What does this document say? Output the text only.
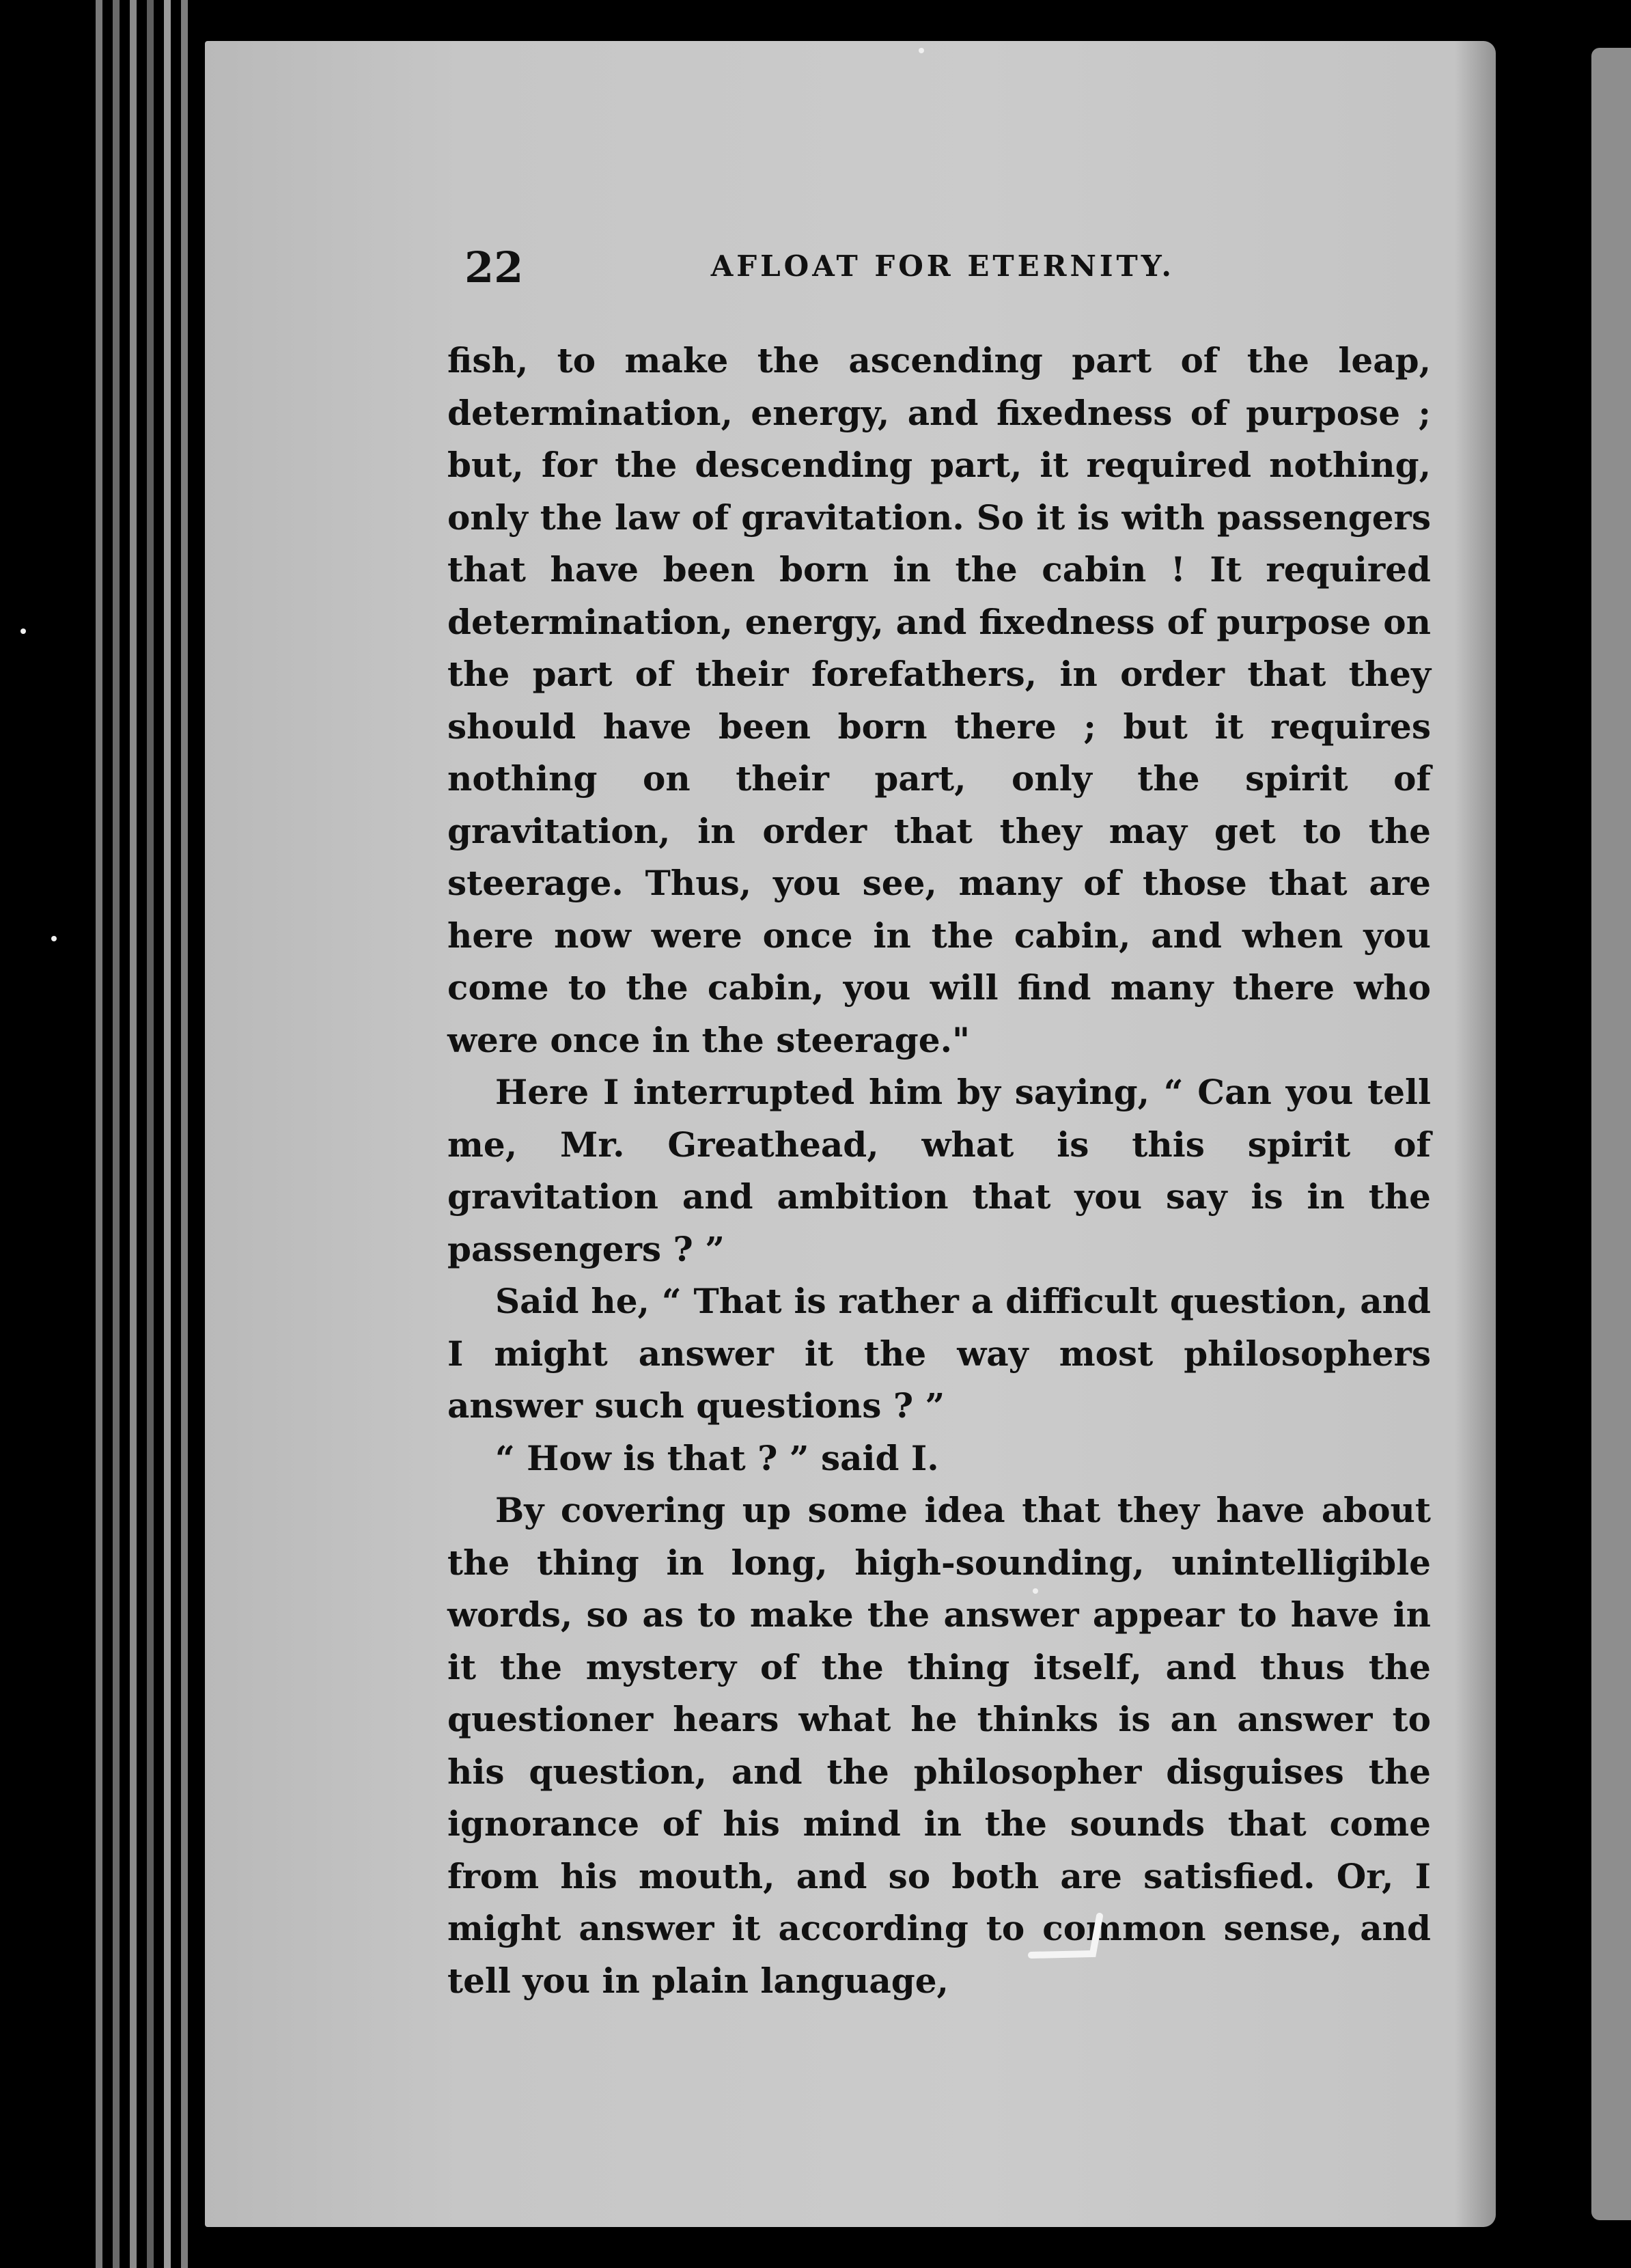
22	AFLOAT FOR ETERNITY.

fish, to make the ascending part of the leap, determination, energy, and fixedness of purpose ; but, for the descending part, it required nothing, only the law of gravitation. So it is with passengers that have been born in the cabin ! It required determination, energy, and fixedness of purpose on the part of their forefathers, in order that they should have been born there ; but it requires nothing on their part, only the spirit of gravitation, in order that they may get to the steerage. Thus, you see, many of those that are here now were once in the cabin, and when you come to the cabin, you will find many there who were once in the steerage."

Here I interrupted him by saying, “ Can you tell me, Mr. Greathead, what is this spirit of gravitation and ambition that you say is in the passengers ? ”

Said he, “ That is rather a difficult question, and I might answer it the way most philosophers answer such questions ? ”

“ How is that ? ” said I.

By covering up some idea that they have about the thing in long, high-sounding, unintelligible words, so as to make the answer appear to have in it the mystery of the thing itself, and thus the questioner hears what he thinks is an answer to his question, and the philosopher disguises the ignorance of his mind in the sounds that come from his mouth, and so both are satisfied. Or, I might answer it according to common sense, and tell you in plain language,
